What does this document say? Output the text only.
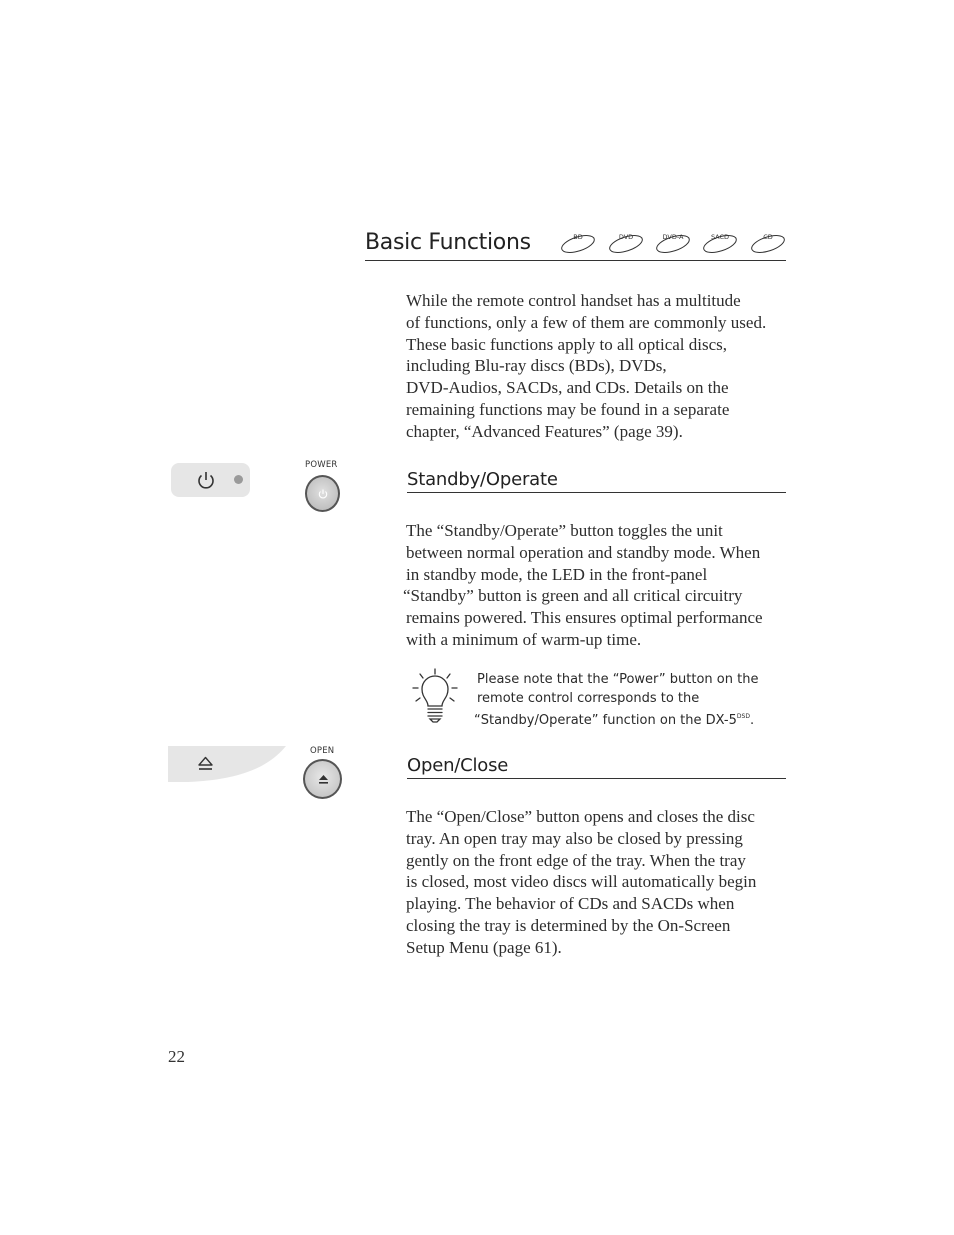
Basic Functions	BD	DVD	DVD-A	SACD	CD
While the remote control handset has a multitude
of functions, only a few of them are commonly used.
These basic functions apply to all optical discs,
including Blu-ray discs (BDs), DVDs,
DVD-Audios, SACDs, and CDs. Details on the
remaining functions may be found in a separate
chapter, “Advanced Features” (page 39).
POWER
Standby/Operate
The “Standby/Operate” button toggles the unit
between normal operation and standby mode. When
in standby mode, the LED in the front-panel
“Standby” button is green and all critical circuitry
remains powered. This ensures optimal performance
with a minimum of warm-up time.
Please note that the “Power” button on the
remote control corresponds to the
“Standby/Operate” function on the $DX-5^{DSD}$.
OPEN
Open/Close
The “Open/Close” button opens and closes the disc
tray. An open tray may also be closed by pressing
gently on the front edge of the tray. When the tray
is closed, most video discs will automatically begin
playing. The behavior of CDs and SACDs when
closing the tray is determined by the On-Screen
Setup Menu (page 61).
22
